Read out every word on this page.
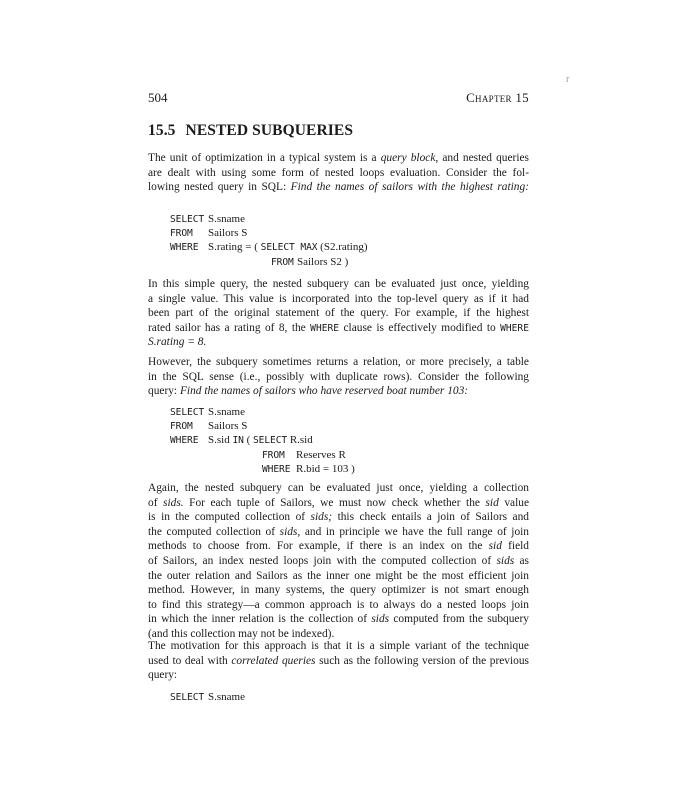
504	Chapter 15
r
15.5 NESTED SUBQUERIES
The unit of optimization in a typical system is a query block, and nested queries
are dealt with using some form of nested loops evaluation. Consider the fol-
lowing nested query in SQL: Find the names of sailors with the highest rating:
SELECT S.sname
FROM Sailors S
WHERE S.rating = ( SELECT MAX (S2.rating)
FROM Sailors S2 )
In this simple query, the nested subquery can be evaluated just once, yielding
a single value. This value is incorporated into the top-level query as if it had
been part of the original statement of the query. For example, if the highest
rated sailor has a rating of 8, the WHERE clause is effectively modified to WHERE
S.rating = 8.
However, the subquery sometimes returns a relation, or more precisely, a table
in the SQL sense (i.e., possibly with duplicate rows). Consider the following
query: Find the names of sailors who have reserved boat number 103:
SELECT S.sname
FROM Sailors S
WHERE S.sid IN ( SELECT R.sid
FROM Reserves R
WHERE R.bid = 103 )
Again, the nested subquery can be evaluated just once, yielding a collection
of sids. For each tuple of Sailors, we must now check whether the sid value
is in the computed collection of sids; this check entails a join of Sailors and
the computed collection of sids, and in principle we have the full range of join
methods to choose from. For example, if there is an index on the sid field
of Sailors, an index nested loops join with the computed collection of sids as
the outer relation and Sailors as the inner one might be the most efficient join
method. However, in many systems, the query optimizer is not smart enough
to find this strategy—a common approach is to always do a nested loops join
in which the inner relation is the collection of sids computed from the subquery
(and this collection may not be indexed).
The motivation for this approach is that it is a simple variant of the technique
used to deal with correlated queries such as the following version of the previous
query:
SELECT S.sname
